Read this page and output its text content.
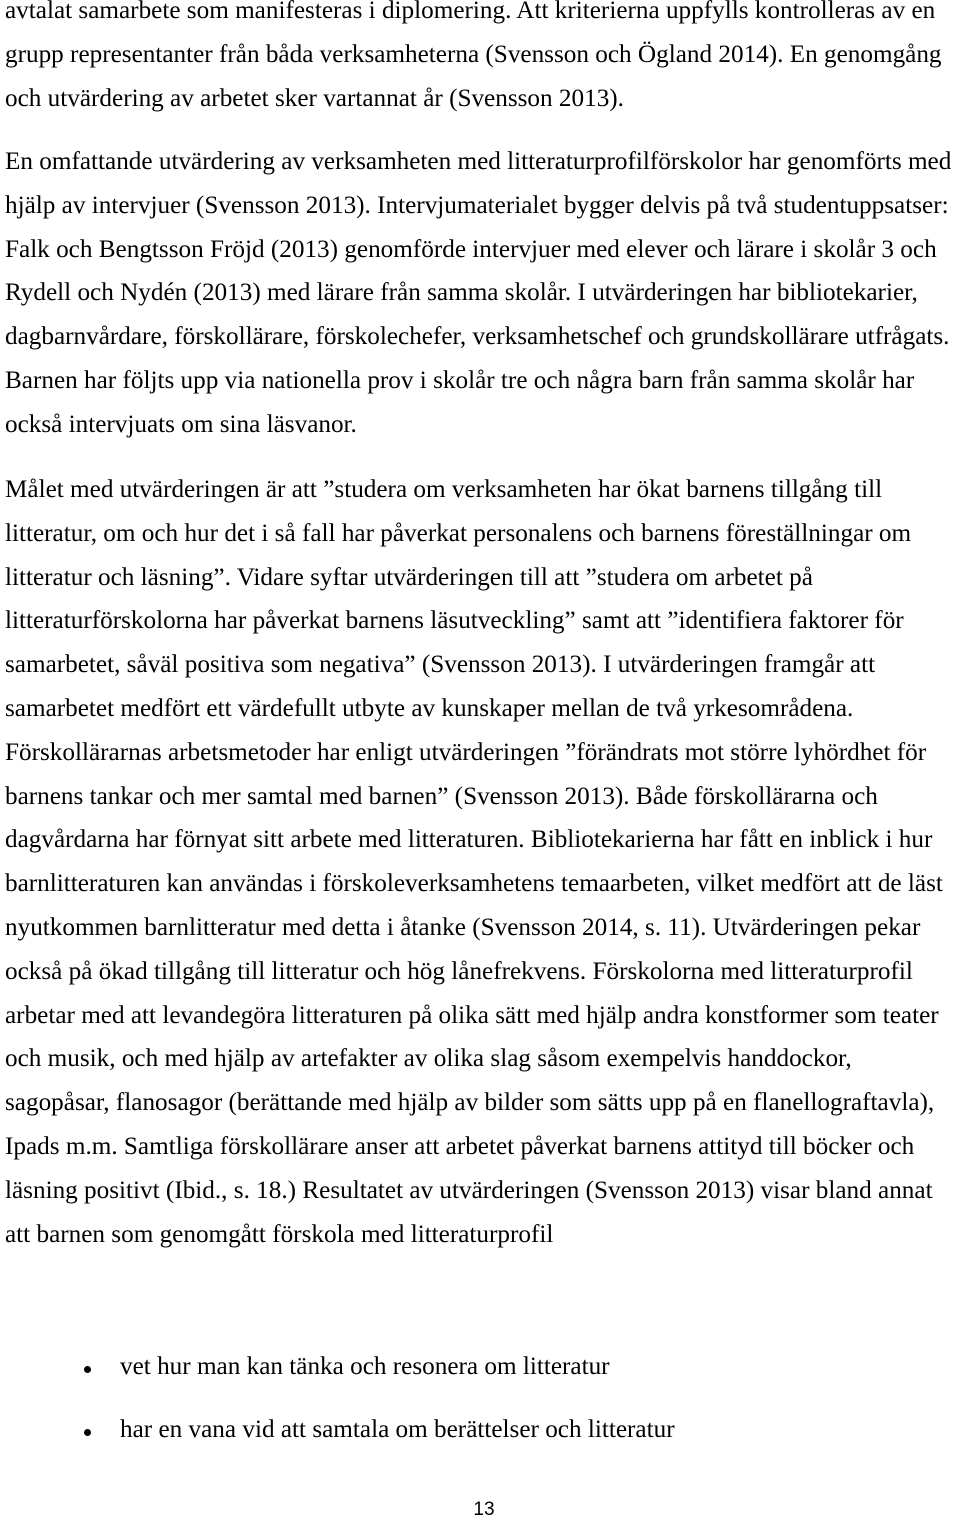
avtalat samarbete som manifesteras i diplomering. Att kriterierna uppfylls kontrolleras av en
grupp representanter från båda verksamheterna (Svensson och Ögland 2014). En genomgång
och utvärdering av arbetet sker vartannat år (Svensson 2013).
En omfattande utvärdering av verksamheten med litteraturprofilförskolor har genomförts med
hjälp av intervjuer (Svensson 2013). Intervjumaterialet bygger delvis på två studentuppsatser:
Falk och Bengtsson Fröjd (2013) genomförde intervjuer med elever och lärare i skolår 3 och
Rydell och Nydén (2013) med lärare från samma skolår. I utvärderingen har bibliotekarier,
dagbarnvårdare, förskollärare, förskolechefer, verksamhetschef och grundskollärare utfrågats.
Barnen har följts upp via nationella prov i skolår tre och några barn från samma skolår har
också intervjuats om sina läsvanor.
Målet med utvärderingen är att ”studera om verksamheten har ökat barnens tillgång till
litteratur, om och hur det i så fall har påverkat personalens och barnens föreställningar om
litteratur och läsning”. Vidare syftar utvärderingen till att ”studera om arbetet på
litteraturförskolorna har påverkat barnens läsutveckling” samt att ”identifiera faktorer för
samarbetet, såväl positiva som negativa” (Svensson 2013). I utvärderingen framgår att
samarbetet medfört ett värdefullt utbyte av kunskaper mellan de två yrkesområdena.
Förskollärarnas arbetsmetoder har enligt utvärderingen ”förändrats mot större lyhördhet för
barnens tankar och mer samtal med barnen” (Svensson 2013). Både förskollärarna och
dagvårdarna har förnyat sitt arbete med litteraturen. Bibliotekarierna har fått en inblick i hur
barnlitteraturen kan användas i förskoleverksamhetens temaarbeten, vilket medfört att de läst
nyutkommen barnlitteratur med detta i åtanke (Svensson 2014, s. 11). Utvärderingen pekar
också på ökad tillgång till litteratur och hög lånefrekvens. Förskolorna med litteraturprofil
arbetar med att levandegöra litteraturen på olika sätt med hjälp andra konstformer som teater
och musik, och med hjälp av artefakter av olika slag såsom exempelvis handdockor,
sagopåsar, flanosagor (berättande med hjälp av bilder som sätts upp på en flanellograftavla),
Ipads m.m. Samtliga förskollärare anser att arbetet påverkat barnens attityd till böcker och
läsning positivt (Ibid., s. 18.) Resultatet av utvärderingen (Svensson 2013) visar bland annat
att barnen som genomgått förskola med litteraturprofil
vet hur man kan tänka och resonera om litteratur
har en vana vid att samtala om berättelser och litteratur
13
